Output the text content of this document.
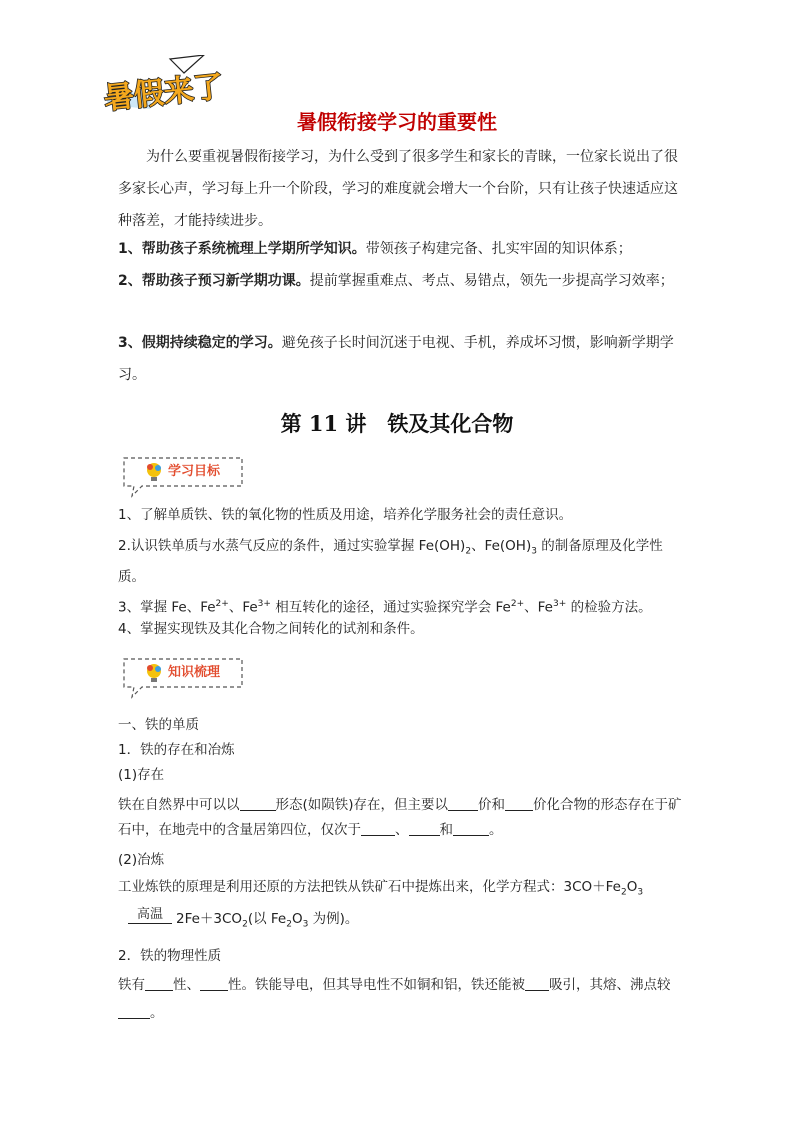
暑假来了
暑假衔接学习的重要性
为什么要重视暑假衔接学习，为什么受到了很多学生和家长的青睐，一位家长说出了很多家长心声，学习每上升一个阶段，学习的难度就会增大一个台阶，只有让孩子快速适应这种落差，才能持续进步。
1、帮助孩子系统梳理上学期所学知识。带领孩子构建完备、扎实牢固的知识体系；
2、帮助孩子预习新学期功课。提前掌握重难点、考点、易错点，领先一步提高学习效率；
3、假期持续稳定的学习。避免孩子长时间沉迷于电视、手机，养成坏习惯，影响新学期学习。
第 11 讲　铁及其化合物
学习目标
1、了解单质铁、铁的氧化物的性质及用途，培养化学服务社会的责任意识。
2.认识铁单质与水蒸气反应的条件，通过实验掌握 $Fe(OH)_2$、$Fe(OH)_3$ 的制备原理及化学性质。
3、掌握 Fe、$Fe^{2+}$、$Fe^{3+}$ 相互转化的途径，通过实验探究学会 $Fe^{2+}$、$Fe^{3+}$ 的检验方法。
4、掌握实现铁及其化合物之间转化的试剂和条件。
知识梳理
一、铁的单质
1．铁的存在和冶炼
(1)存在
铁在自然界中可以以	形态(如陨铁)存在，但主要以 价和 价化合物的形态存在于矿石中，在地壳中的含量居第四位，仅次于	、 和	。
(2)冶炼
工业炼铁的原理是利用还原的方法把铁从铁矿石中提炼出来，化学方程式：$3CO+Fe_2O_3$
高温 $2Fe+3CO_2$(以 $Fe_2O_3$ 为例)。
2．铁的物理性质
铁有 性、 性。铁能导电，但其导电性不如铜和铝，铁还能被 吸引，其熔、沸点较。
